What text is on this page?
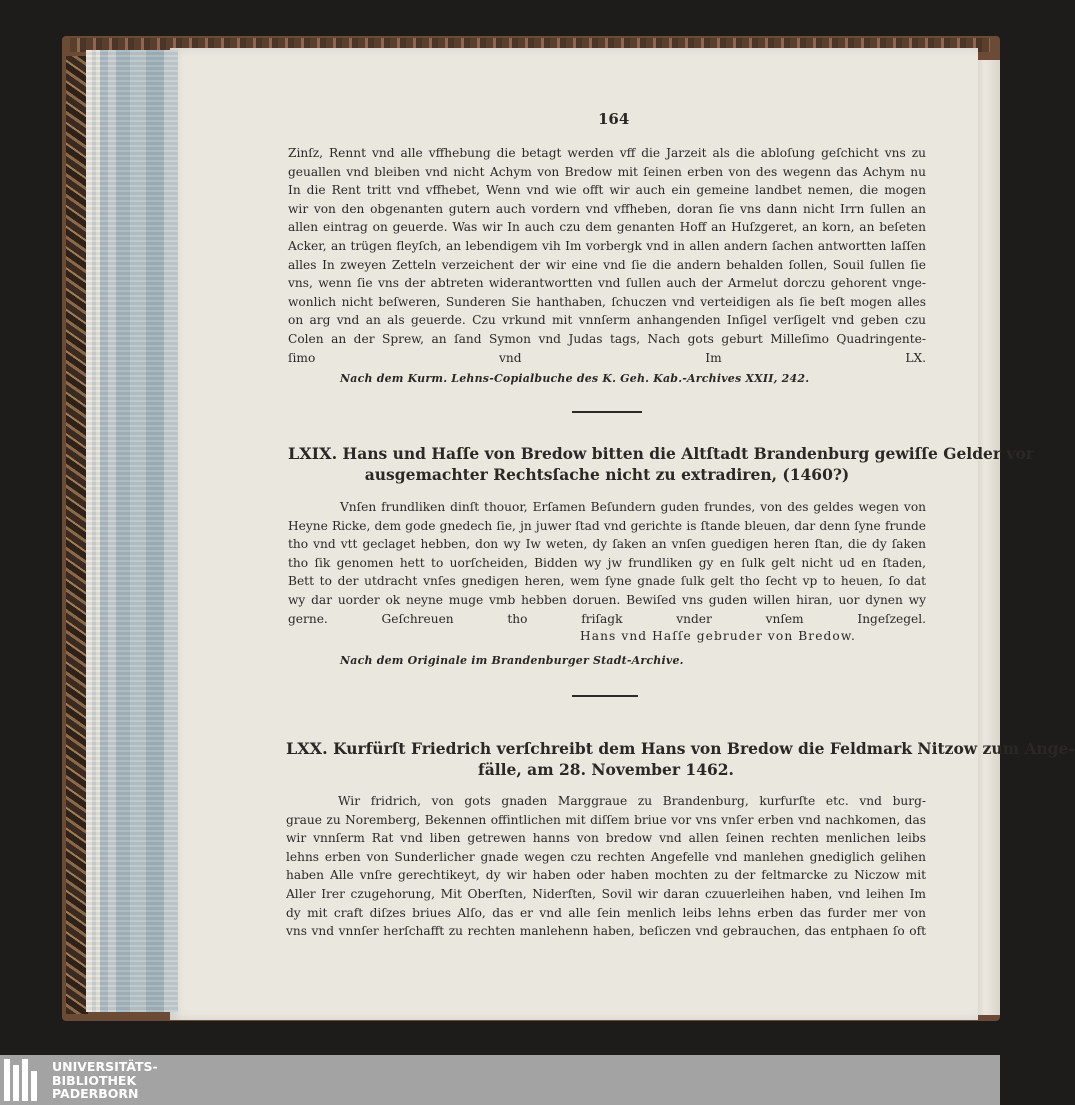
164
Zinſz, Rennt vnd alle vffhebung die betagt werden vff die Jarzeit als die abloſung geſchicht vns zu
geuallen vnd bleiben vnd nicht Achym von Bredow mit ſeinen erben von des wegenn das Achym nu
In die Rent tritt vnd vffhebet, Wenn vnd wie offt wir auch ein gemeine landbet nemen, die mogen
wir von den obgenanten gutern auch vordern vnd vffheben, doran ſie vns dann nicht Irrn ſullen an
allen eintrag on geuerde. Was wir In auch czu dem genanten Hoff an Huſzgeret, an korn, an beſeten
Acker, an trügen fleyſch, an lebendigem vih Im vorbergk vnd in allen andern ſachen antwortten laſſen
alles In zweyen Zetteln verzeichent der wir eine vnd ſie die andern behalden ſollen, Souil ſullen ſie
vns, wenn ſie vns der abtreten widerantwortten vnd ſullen auch der Armelut dorczu gehorent vnge-
wonlich nicht beſweren, Sunderen Sie hanthaben, ſchuczen vnd verteidigen als ſie beſt mogen alles
on arg vnd an als geuerde. Czu vrkund mit vnnſerm anhangenden Inſigel verſigelt vnd geben czu
Colen an der Sprew, an ſand Symon vnd Judas tags, Nach gots geburt Milleſimo Quadringente-
ſimo vnd Im LX.
Nach dem Kurm. Lehns-Copialbuche des K. Geh. Kab.-Archives XXII, 242.
LXIX. Hans und Haſſe von Bredow bitten die Altſtadt Brandenburg gewiſſe Gelder vor
ausgemachter Rechtsſache nicht zu extradiren, (1460?)
Vnſen frundliken dinſt thouor, Erſamen Beſundern guden frundes, von des geldes wegen von
Heyne Ricke, dem gode gnedech ſie, jn juwer ſtad vnd gerichte is ſtande bleuen, dar denn ſyne frunde
tho vnd vtt geclaget hebben, don wy Iw weten, dy ſaken an vnſen guedigen heren ſtan, die dy ſaken
tho ſik genomen hett to uorſcheiden, Bidden wy jw frundliken gy en ſulk gelt nicht ud en ſtaden,
Bett to der utdracht vnſes gnedigen heren, wem ſyne gnade ſulk gelt tho ſecht vp to heuen, ſo dat
wy dar uorder ok neyne muge vmb hebben doruen. Bewiſed vns guden willen hiran, uor dynen wy
gerne. Geſchreuen tho friſagk vnder vnſem Ingeſzegel.
Hans vnd Haſſe gebruder von Bredow.
Nach dem Originale im Brandenburger Stadt-Archive.
LXX. Kurfürſt Friedrich verſchreibt dem Hans von Bredow die Feldmark Nitzow zum Ange-
fälle, am 28. November 1462.
Wir fridrich, von gots gnaden Marggraue zu Brandenburg, kurfurſte etc. vnd burg-
graue zu Noremberg, Bekennen offintlichen mit diſſem briue vor vns vnſer erben vnd nachkomen, das
wir vnnſerm Rat vnd liben getrewen hanns von bredow vnd allen ſeinen rechten menlichen leibs
lehns erben von Sunderlicher gnade wegen czu rechten Angefelle vnd manlehen gnediglich gelihen
haben Alle vnſre gerechtikeyt, dy wir haben oder haben mochten zu der feltmarcke zu Niczow mit
Aller Irer czugehorung, Mit Oberſten, Niderſten, Sovil wir daran czuuerleihen haben, vnd leihen Im
dy mit craft diſzes briues Alſo, das er vnd alle ſein menlich leibs lehns erben das furder mer von
vns vnd vnnſer herſchafft zu rechten manlehenn haben, beſiczen vnd gebrauchen, das entphaen ſo oft
UNIVERSITÄTS-
BIBLIOTHEK
PADERBORN
